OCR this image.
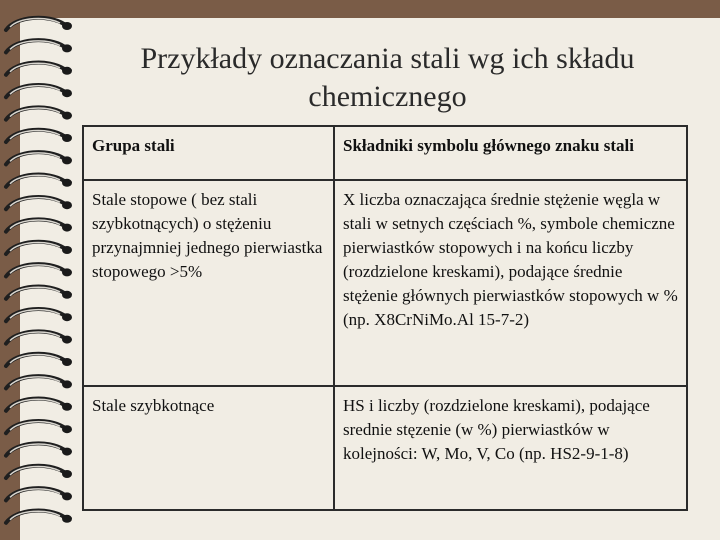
Przykłady oznaczania stali wg ich składu chemicznego
Grupa stali	Składniki symbolu głównego znaku stali
Stale stopowe ( bez stali szybkotnących) o stężeniu przynajmniej jednego pierwiastka stopowego >5%	X liczba oznaczająca średnie stężenie węgla w stali w setnych częściach %, symbole chemiczne pierwiastków stopowych i na końcu liczby (rozdzielone kreskami), podające średnie stężenie głównych pierwiastków stopowych w % (np. X8CrNiMo.Al 15-7-2)
Stale szybkotnące	HS i liczby (rozdzielone kreskami), podające srednie stęzenie (w %) pierwiastków w kolejności: W, Mo, V, Co (np. HS2-9-1-8)
